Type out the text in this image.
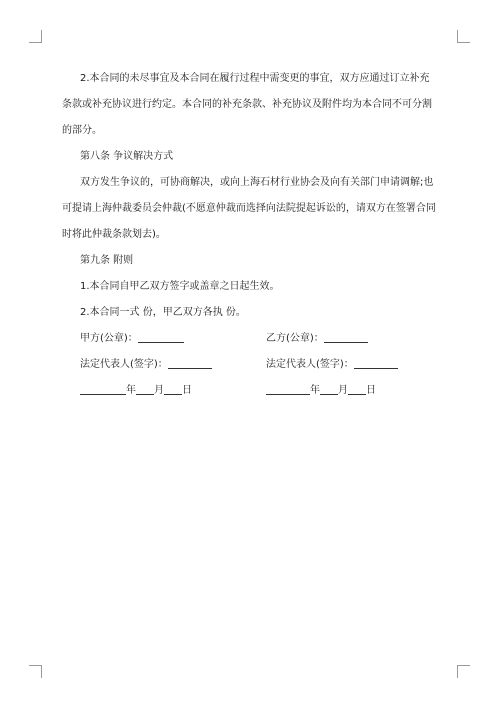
2.本合同的未尽事宜及本合同在履行过程中需变更的事宜，双方应通过订立补充

条款或补充协议进行约定。本合同的补充条款、补充协议及附件均为本合同不可分割

的部分。

第八条 争议解决方式

双方发生争议的，可协商解决，或向上海石材行业协会及向有关部门申请调解;也

可提请上海仲裁委员会仲裁(不愿意仲裁而选择向法院提起诉讼的，请双方在签署合同

时将此仲裁条款划去)。

第九条 附则

1.本合同自甲乙双方签字或盖章之日起生效。

2.本合同一式 份，甲乙双方各执 份。

甲方(公章)：	乙方(公章)：
法定代表人(签字)：	法定代表人(签字)：
年 月 日	年 月 日
